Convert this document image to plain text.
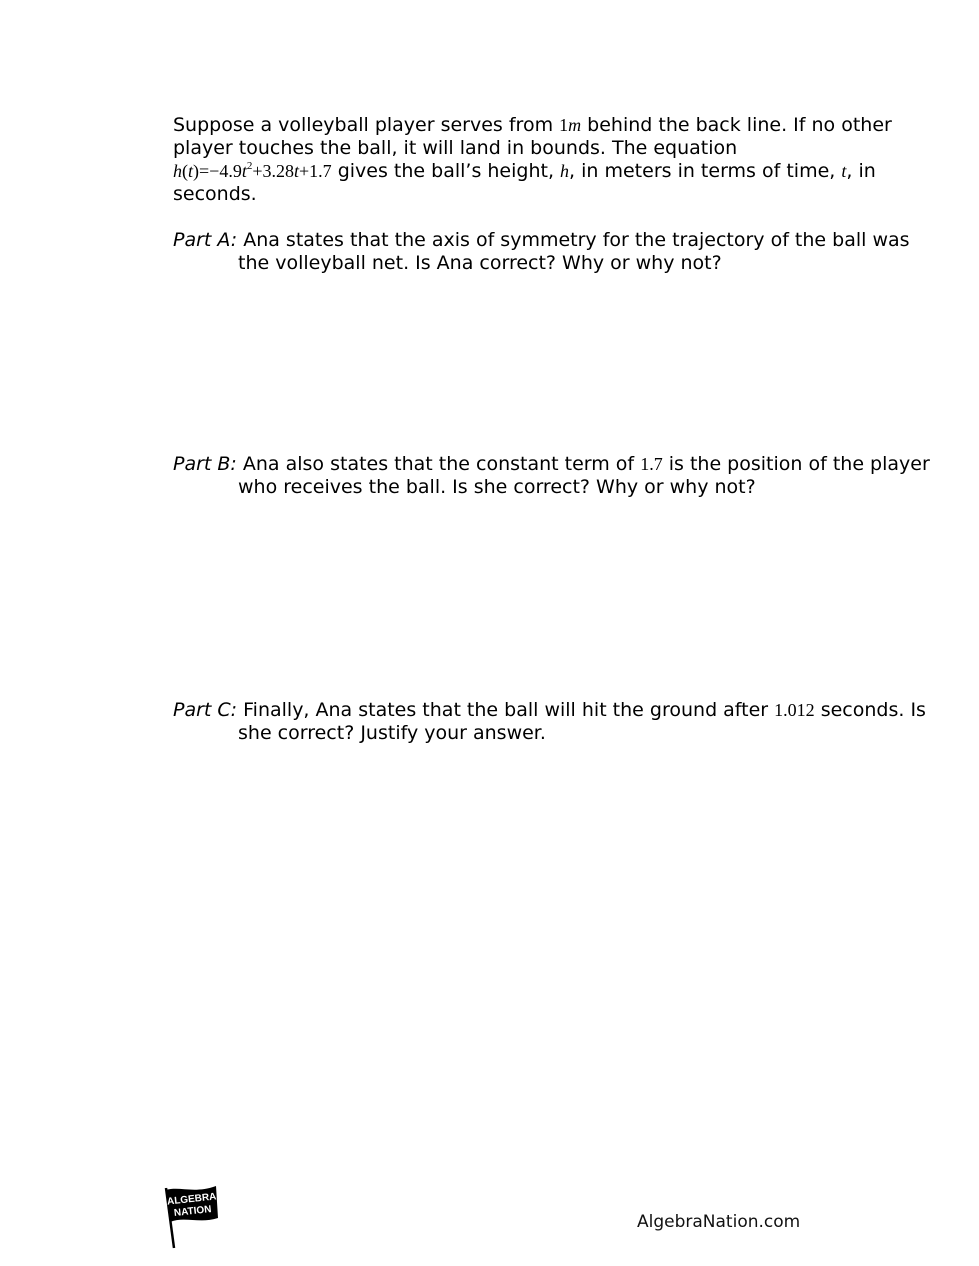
Suppose a volleyball player serves from 1m behind the back line. If no other player touches the ball, it will land in bounds. The equation
$h(t)=-4.9t^2+3.28t+1.7$ gives the ball’s height, h, in meters in terms of time, t, in seconds.
Part A: Ana states that the axis of symmetry for the trajectory of the ball was the volleyball net. Is Ana correct? Why or why not?
Part B: Ana also states that the constant term of 1.7 is the position of the player who receives the ball. Is she correct? Why or why not?
Part C: Finally, Ana states that the ball will hit the ground after 1.012 seconds. Is she correct? Justify your answer.
ALGEBRA
NATION
AlgebraNation.com
